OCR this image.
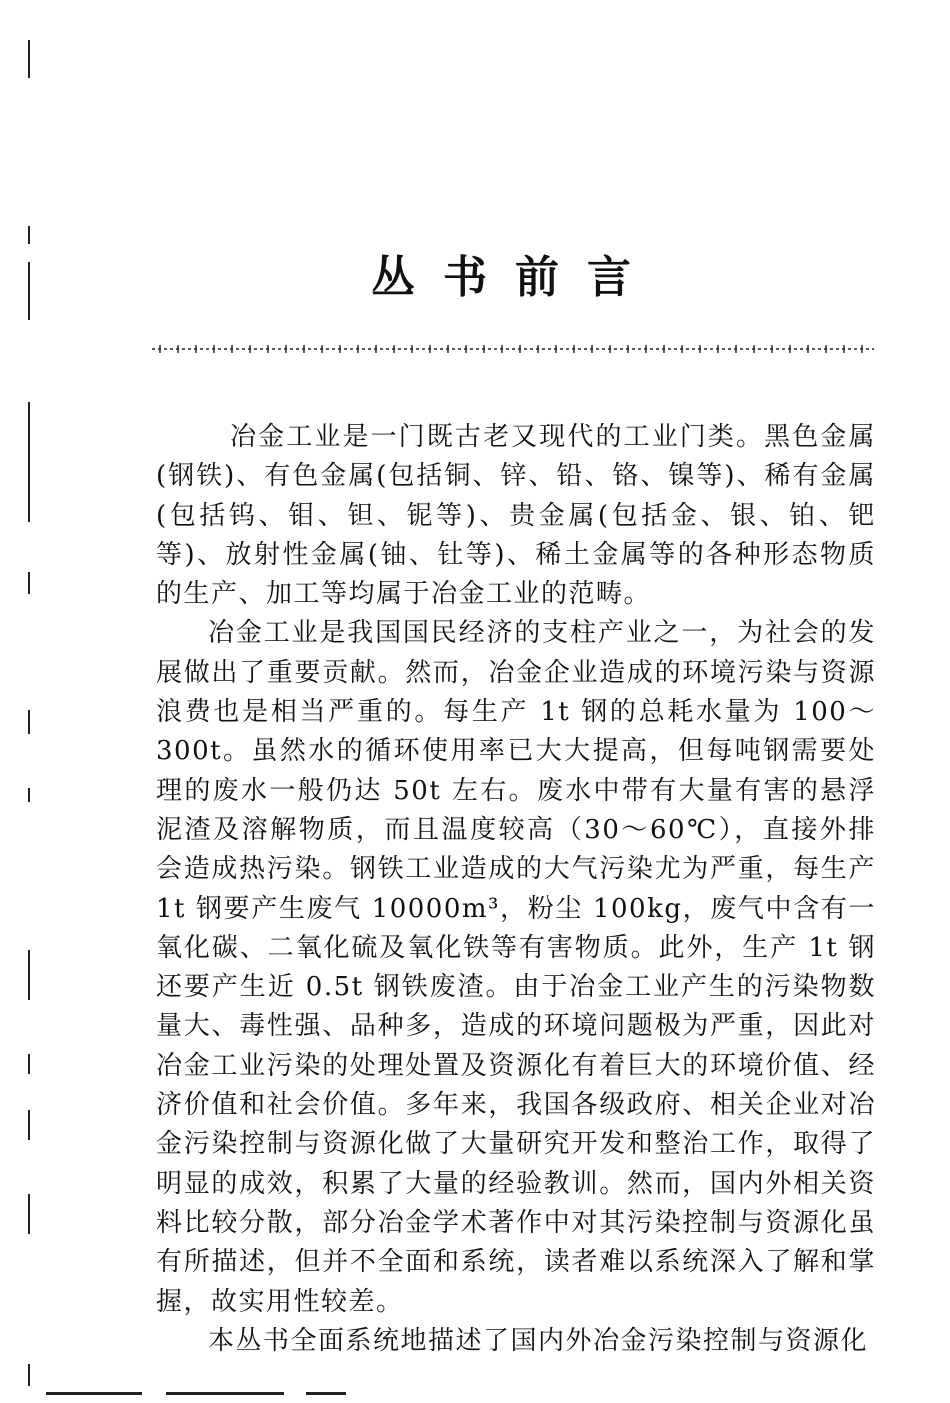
丛书前言

冶金工业是一门既古老又现代的工业门类。黑色金属(钢铁)、有色金属(包括铜、锌、铅、铬、镍等)、稀有金属(包括钨、钼、钽、铌等)、贵金属(包括金、银、铂、钯等)、放射性金属(铀、钍等)、稀土金属等的各种形态物质的生产、加工等均属于冶金工业的范畴。

冶金工业是我国国民经济的支柱产业之一，为社会的发展做出了重要贡献。然而，冶金企业造成的环境污染与资源浪费也是相当严重的。每生产 1t 钢的总耗水量为 100～300t。虽然水的循环使用率已大大提高，但每吨钢需要处理的废水一般仍达 50t 左右。废水中带有大量有害的悬浮泥渣及溶解物质，而且温度较高（30～60℃），直接外排会造成热污染。钢铁工业造成的大气污染尤为严重，每生产 1t 钢要产生废气 10000m³，粉尘 100kg，废气中含有一氧化碳、二氧化硫及氧化铁等有害物质。此外，生产 1t 钢还要产生近 0.5t 钢铁废渣。由于冶金工业产生的污染物数量大、毒性强、品种多，造成的环境问题极为严重，因此对冶金工业污染的处理处置及资源化有着巨大的环境价值、经济价值和社会价值。多年来，我国各级政府、相关企业对冶金污染控制与资源化做了大量研究开发和整治工作，取得了明显的成效，积累了大量的经验教训。然而，国内外相关资料比较分散，部分冶金学术著作中对其污染控制与资源化虽有所描述，但并不全面和系统，读者难以系统深入了解和掌握，故实用性较差。

本丛书全面系统地描述了国内外冶金污染控制与资源化
